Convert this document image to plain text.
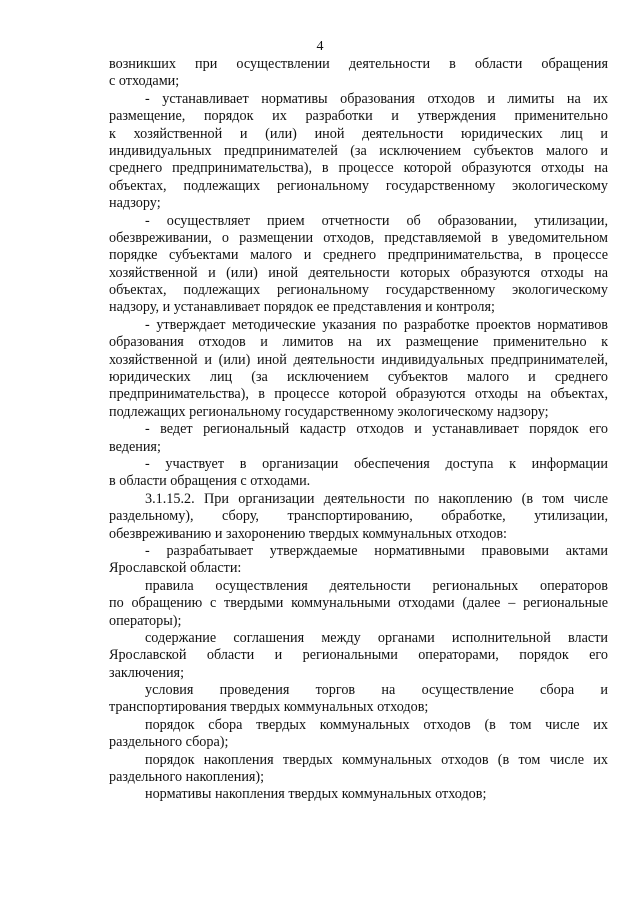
4
возникших при осуществлении деятельности в области обращения
с отходами;
- устанавливает нормативы образования отходов и лимиты на их
размещение, порядок их разработки и утверждения применительно
к хозяйственной и (или) иной деятельности юридических лиц и
индивидуальных предпринимателей (за исключением субъектов малого и
среднего предпринимательства), в процессе которой образуются отходы на
объектах, подлежащих региональному государственному экологическому
надзору;
- осуществляет прием отчетности об образовании, утилизации,
обезвреживании, о размещении отходов, представляемой в уведомительном
порядке субъектами малого и среднего предпринимательства, в процессе
хозяйственной и (или) иной деятельности которых образуются отходы на
объектах, подлежащих региональному государственному экологическому
надзору, и устанавливает порядок ее представления и контроля;
- утверждает методические указания по разработке проектов нормативов
образования отходов и лимитов на их размещение применительно к
хозяйственной и (или) иной деятельности индивидуальных предпринимателей,
юридических лиц (за исключением субъектов малого и среднего
предпринимательства), в процессе которой образуются отходы на объектах,
подлежащих региональному государственному экологическому надзору;
- ведет региональный кадастр отходов и устанавливает порядок его
ведения;
- участвует в организации обеспечения доступа к информации
в области обращения с отходами.
3.1.15.2. При организации деятельности по накоплению (в том числе
раздельному), сбору, транспортированию, обработке, утилизации,
обезвреживанию и захоронению твердых коммунальных отходов:
- разрабатывает утверждаемые нормативными правовыми актами
Ярославской области:
правила осуществления деятельности региональных операторов
по обращению с твердыми коммунальными отходами (далее – региональные
операторы);
содержание соглашения между органами исполнительной власти
Ярославской области и региональными операторами, порядок его
заключения;
условия проведения торгов на осуществление сбора и
транспортирования твердых коммунальных отходов;
порядок сбора твердых коммунальных отходов (в том числе их
раздельного сбора);
порядок накопления твердых коммунальных отходов (в том числе их
раздельного накопления);
нормативы накопления твердых коммунальных отходов;
